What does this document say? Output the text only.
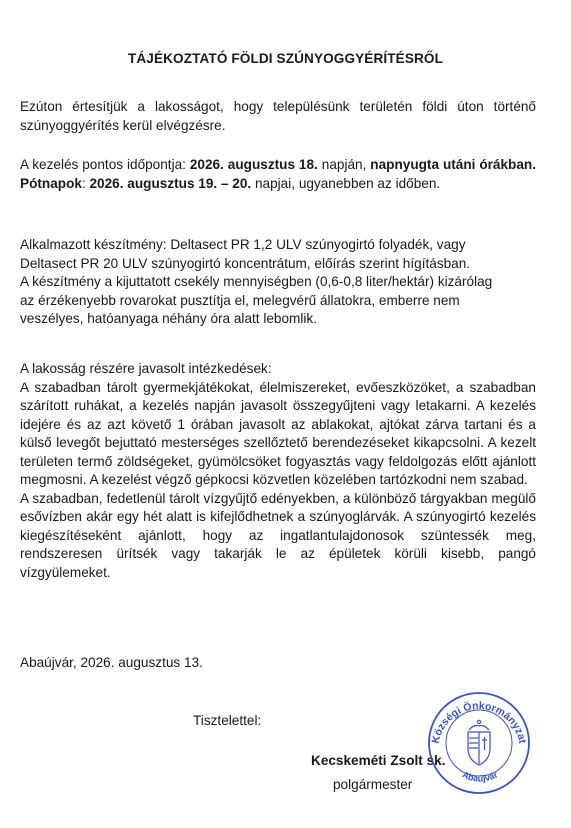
TÁJÉKOZTATÓ FÖLDI SZÚNYOGGYÉRÍTÉSRŐL
Ezúton értesítjük a lakosságot, hogy településünk területén földi úton történő szúnyoggyérítés kerül elvégzésre.
A kezelés pontos időpontja: 2026. augusztus 18. napján, napnyugta utáni órákban. Pótnapok: 2026. augusztus 19. – 20. napjai, ugyanebben az időben.

Alkalmazott készítmény: Deltasect PR 1,2 ULV szúnyogirtó folyadék, vagy

Deltasect PR 20 ULV szúnyogirtó koncentrátum, előírás szerint hígításban.

A készítmény a kijuttatott csekély mennyiségben (0,6-0,8 liter/hektár) kizárólag

az érzékenyebb rovarokat pusztítja el, melegvérű állatokra, emberre nem

veszélyes, hatóanyaga néhány óra alatt lebomlik.

A lakosság részére javasolt intézkedések:

A szabadban tárolt gyermekjátékokat, élelmiszereket, evőeszközöket, a szabadban szárított ruhákat, a kezelés napján javasolt összegyűjteni vagy letakarni. A kezelés idejére és az azt követő 1 órában javasolt az ablakokat, ajtókat zárva tartani és a külső levegőt bejuttató mesterséges szellőztető berendezéseket kikapcsolni. A kezelt területen termő zöldségeket, gyümölcsöket fogyasztás vagy feldolgozás előtt ajánlott megmosni. A kezelést végző gépkocsi közvetlen közelében tartózkodni nem szabad.

A szabadban, fedetlenül tárolt vízgyűjtő edényekben, a különböző tárgyakban megülő esővízben akár egy hét alatt is kifejlődhetnek a szúnyoglárvák. A szúnyogirtó kezelés kiegészítéseként ajánlott, hogy az ingatlantulajdonosok szüntessék meg, rendszeresen ürítsék vagy takarják le az épületek körüli kisebb, pangó vízgyülemeket.

Abaújvár, 2026. augusztus 13.
Tisztelettel:
Kecskeméti Zsolt sk.
polgármester
Községi Önkormányzat
Abaújvár
